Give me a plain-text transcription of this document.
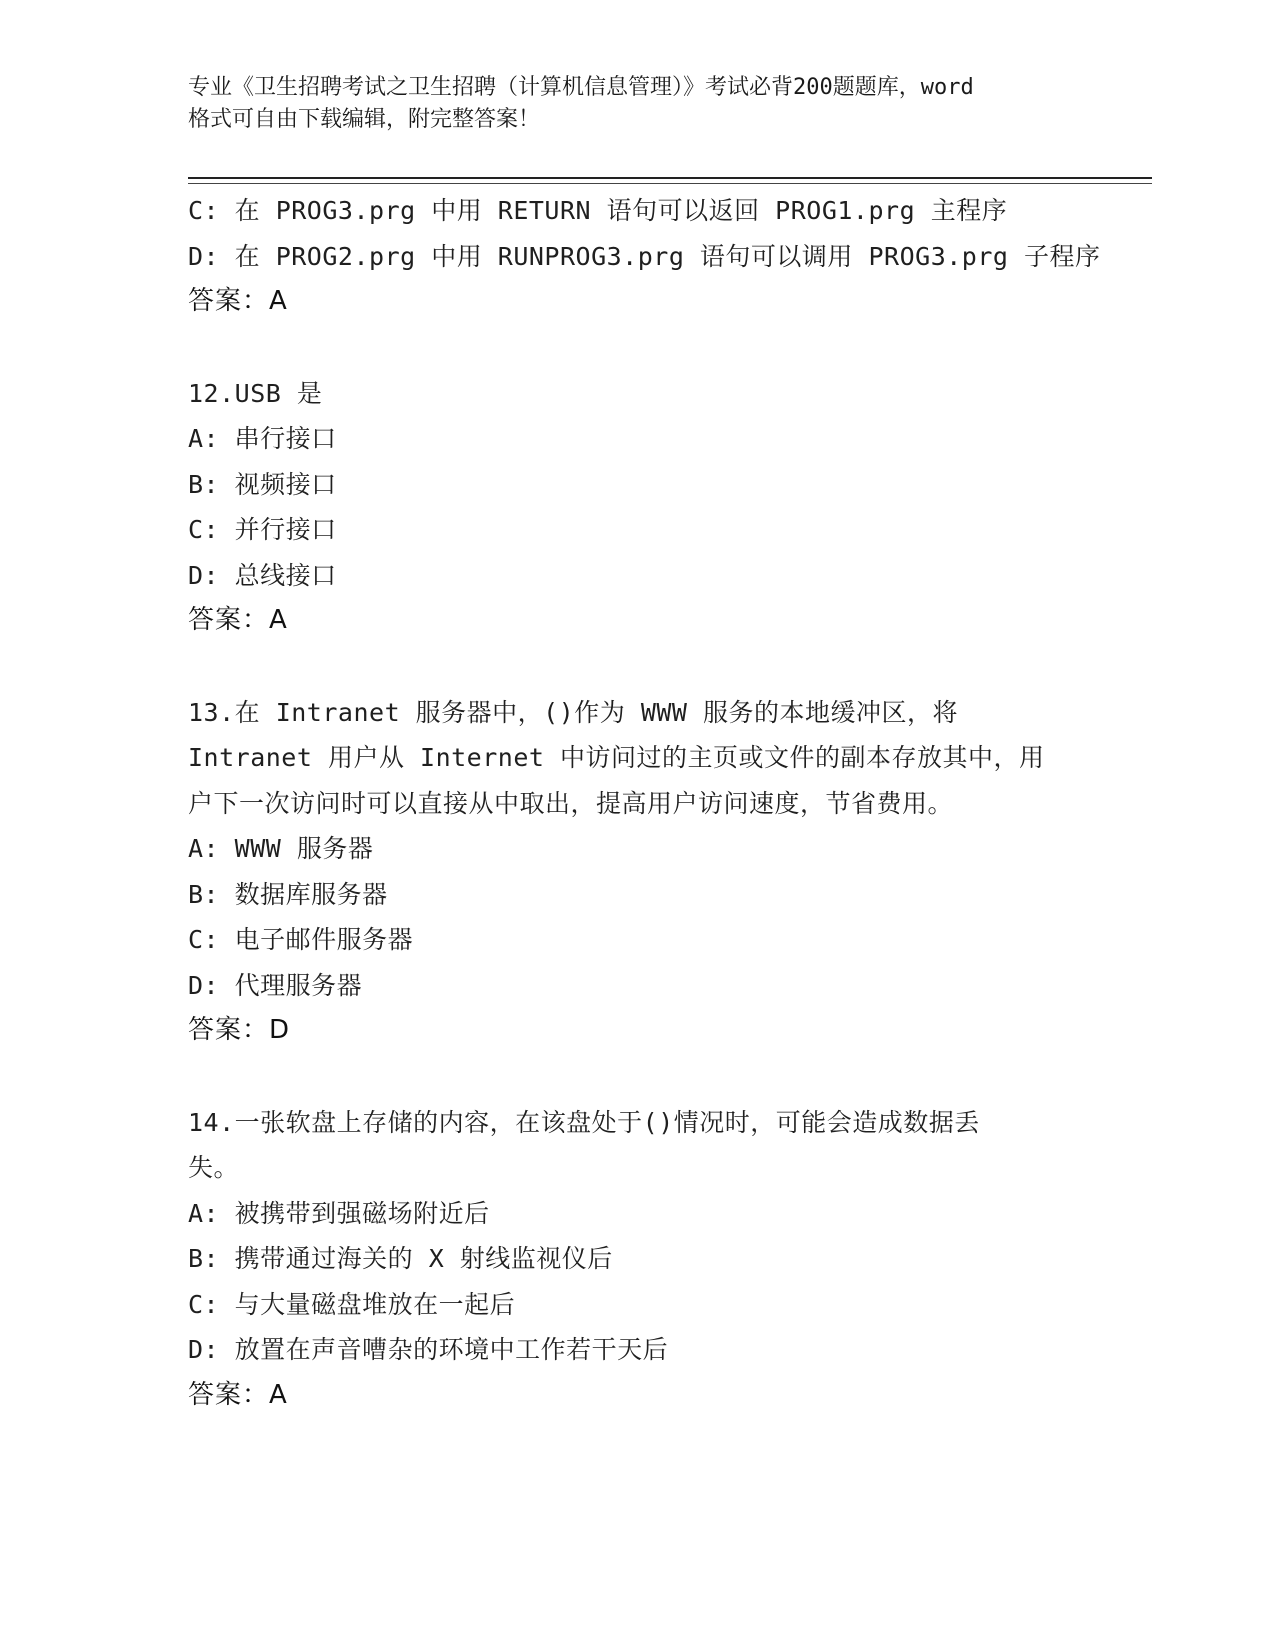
专业《卫生招聘考试之卫生招聘（计算机信息管理）》考试必背200题题库，word
格式可自由下载编辑，附完整答案！
C: 在 PROG3.prg 中用 RETURN 语句可以返回 PROG1.prg 主程序
D: 在 PROG2.prg 中用 RUNPROG3.prg 语句可以调用 PROG3.prg 子程序
答案：A
12.USB 是
A: 串行接口
B: 视频接口
C: 并行接口
D: 总线接口
答案：A
13.在 Intranet 服务器中，()作为 WWW 服务的本地缓冲区，将
Intranet 用户从 Internet 中访问过的主页或文件的副本存放其中，用
户下一次访问时可以直接从中取出，提高用户访问速度，节省费用。
A: WWW 服务器
B: 数据库服务器
C: 电子邮件服务器
D: 代理服务器
答案：D
14.一张软盘上存储的内容，在该盘处于()情况时，可能会造成数据丢
失。
A: 被携带到强磁场附近后
B: 携带通过海关的 X 射线监视仪后
C: 与大量磁盘堆放在一起后
D: 放置在声音嘈杂的环境中工作若干天后
答案：A
